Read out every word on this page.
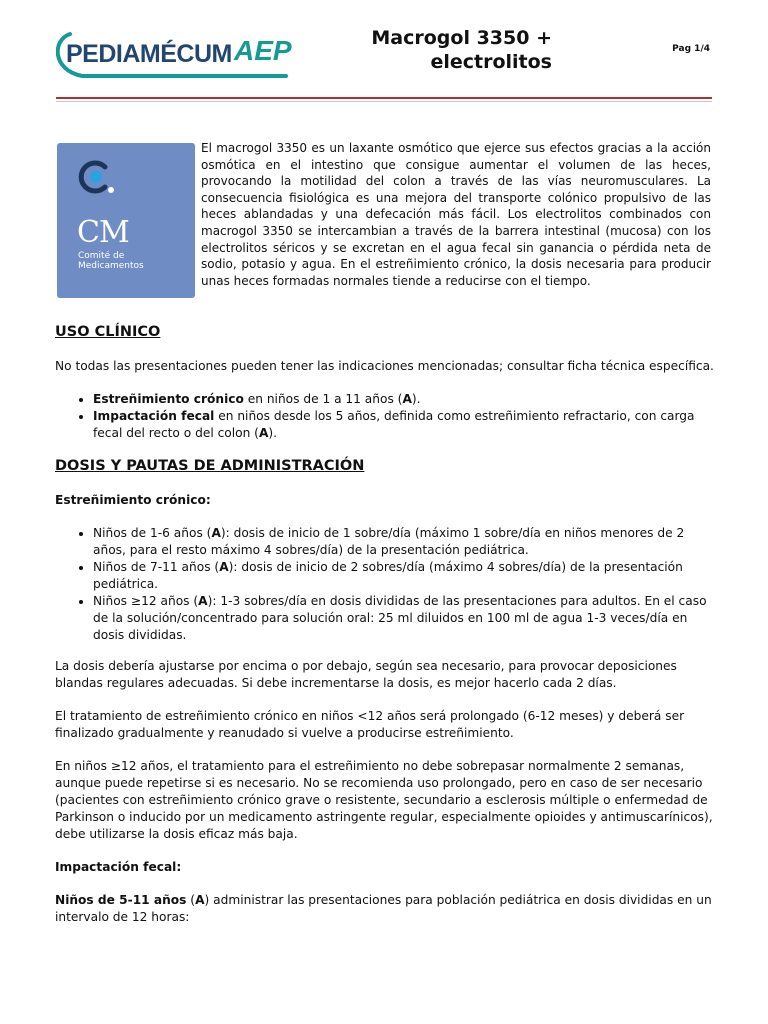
PEDIAMÉCUM AEP	Macrogol 3350 +
electrolitos
Pag 1/4
CM
Comité de
Medicamentos

El macrogol 3350 es un laxante osmótico que ejerce sus efectos gracias a la acción osmótica en el intestino que consigue aumentar el volumen de las heces, provocando la motilidad del colon a través de las vías neuromusculares. La consecuencia fisiológica es una mejora del transporte colónico propulsivo de las heces ablandadas y una defecación más fácil. Los electrolitos combinados con macrogol 3350 se intercambian a través de la barrera intestinal (mucosa) con los electrolitos séricos y se excretan en el agua fecal sin ganancia o pérdida neta de sodio, potasio y agua. En el estreñimiento crónico, la dosis necesaria para producir unas heces formadas normales tiende a reducirse con el tiempo.

USO CLÍNICO

No todas las presentaciones pueden tener las indicaciones mencionadas; consultar ficha técnica específica.

• Estreñimiento crónico en niños de 1 a 11 años (A).
• Impactación fecal en niños desde los 5 años, definida como estreñimiento refractario, con carga fecal del recto o del colon (A).
DOSIS Y PAUTAS DE ADMINISTRACIÓN
Estreñimiento crónico:
• Niños de 1-6 años (A): dosis de inicio de 1 sobre/día (máximo 1 sobre/día en niños menores de 2 años, para el resto máximo 4 sobres/día) de la presentación pediátrica.
• Niños de 7-11 años (A): dosis de inicio de 2 sobres/día (máximo 4 sobres/día) de la presentación pediátrica.
• Niños ≥12 años (A): 1-3 sobres/día en dosis divididas de las presentaciones para adultos. En el caso de la solución/concentrado para solución oral: 25 ml diluidos en 100 ml de agua 1-3 veces/día en dosis divididas.

La dosis debería ajustarse por encima o por debajo, según sea necesario, para provocar deposiciones blandas regulares adecuadas. Si debe incrementarse la dosis, es mejor hacerlo cada 2 días.

El tratamiento de estreñimiento crónico en niños <12 años será prolongado (6-12 meses) y deberá ser finalizado gradualmente y reanudado si vuelve a producirse estreñimiento.

En niños ≥12 años, el tratamiento para el estreñimiento no debe sobrepasar normalmente 2 semanas, aunque puede repetirse si es necesario. No se recomienda uso prolongado, pero en caso de ser necesario (pacientes con estreñimiento crónico grave o resistente, secundario a esclerosis múltiple o enfermedad de Parkinson o inducido por un medicamento astringente regular, especialmente opioides y antimuscarínicos), debe utilizarse la dosis eficaz más baja.

Impactación fecal:

Niños de 5-11 años (A) administrar las presentaciones para población pediátrica en dosis divididas en un intervalo de 12 horas:
